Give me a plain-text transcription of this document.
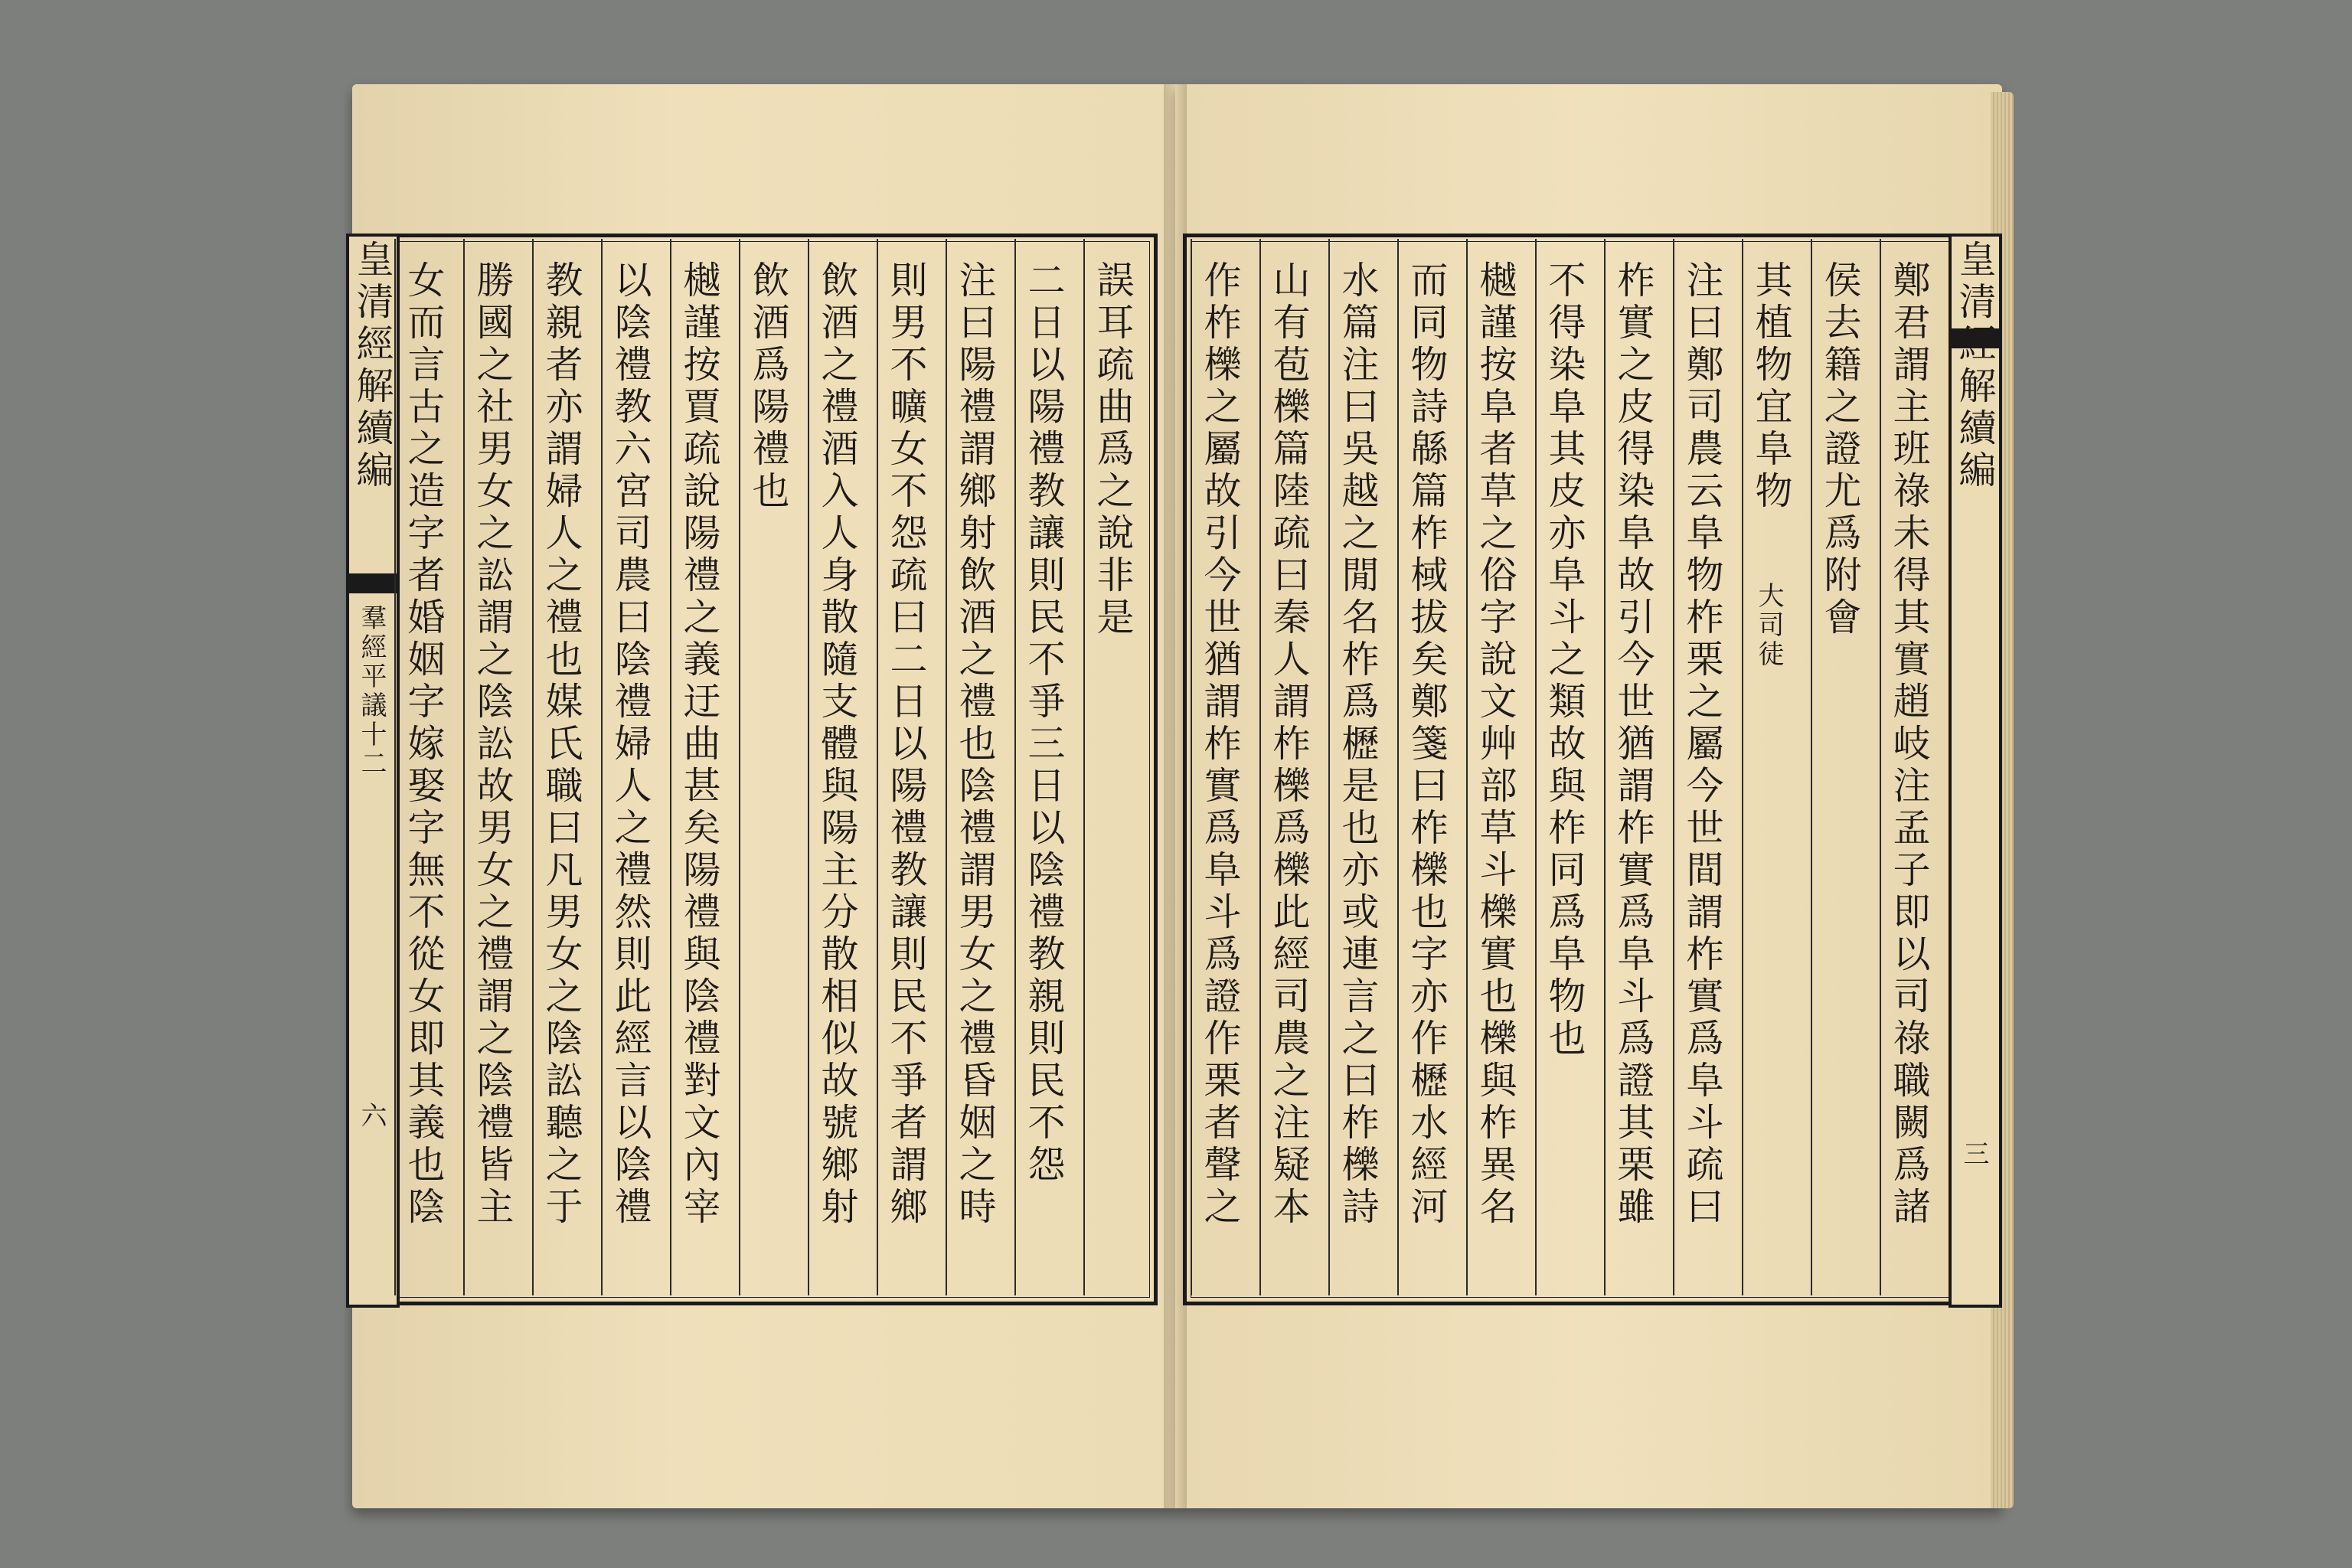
皇清經解續編
羣經平議十二
六
誤耳疏曲爲之說非是
二日以陽禮教讓則民不爭三日以陰禮教親則民不怨
注曰陽禮謂鄉射飲酒之禮也陰禮謂男女之禮昏姻之時
則男不曠女不怨疏曰二日以陽禮教讓則民不爭者謂鄉
飲酒之禮酒入人身散隨支體與陽主分散相似故號鄉射
飲酒爲陽禮也
樾謹按賈疏說陽禮之義迂曲甚矣陽禮與陰禮對文內宰
以陰禮教六宮司農曰陰禮婦人之禮然則此經言以陰禮
教親者亦謂婦人之禮也媒氏職曰凡男女之陰訟聽之于
勝國之社男女之訟謂之陰訟故男女之禮謂之陰禮皆主
女而言古之造字者婚姻字嫁娶字無不從女即其義也陰	皇清經解續編
三
鄭君謂主班祿未得其實趙岐注孟子即以司祿職闕爲諸
侯去籍之證尤爲附會
其植物宜阜物
注曰鄭司農云阜物柞栗之屬今世間謂柞實爲阜斗疏曰
柞實之皮得染阜故引今世猶謂柞實爲阜斗爲證其栗雖
不得染阜其皮亦阜斗之類故與柞同爲阜物也
樾謹按阜者草之俗字說文艸部草斗櫟實也櫟與柞異名
而同物詩緜篇柞棫拔矣鄭箋曰柞櫟也字亦作櫪水經河
水篇注曰吳越之閒名柞爲櫪是也亦或連言之曰柞櫟詩
山有苞櫟篇陸疏曰秦人謂柞櫟爲櫟此經司農之注疑本
作柞櫟之屬故引今世猶謂柞實爲阜斗爲證作栗者聲之	大司徒
